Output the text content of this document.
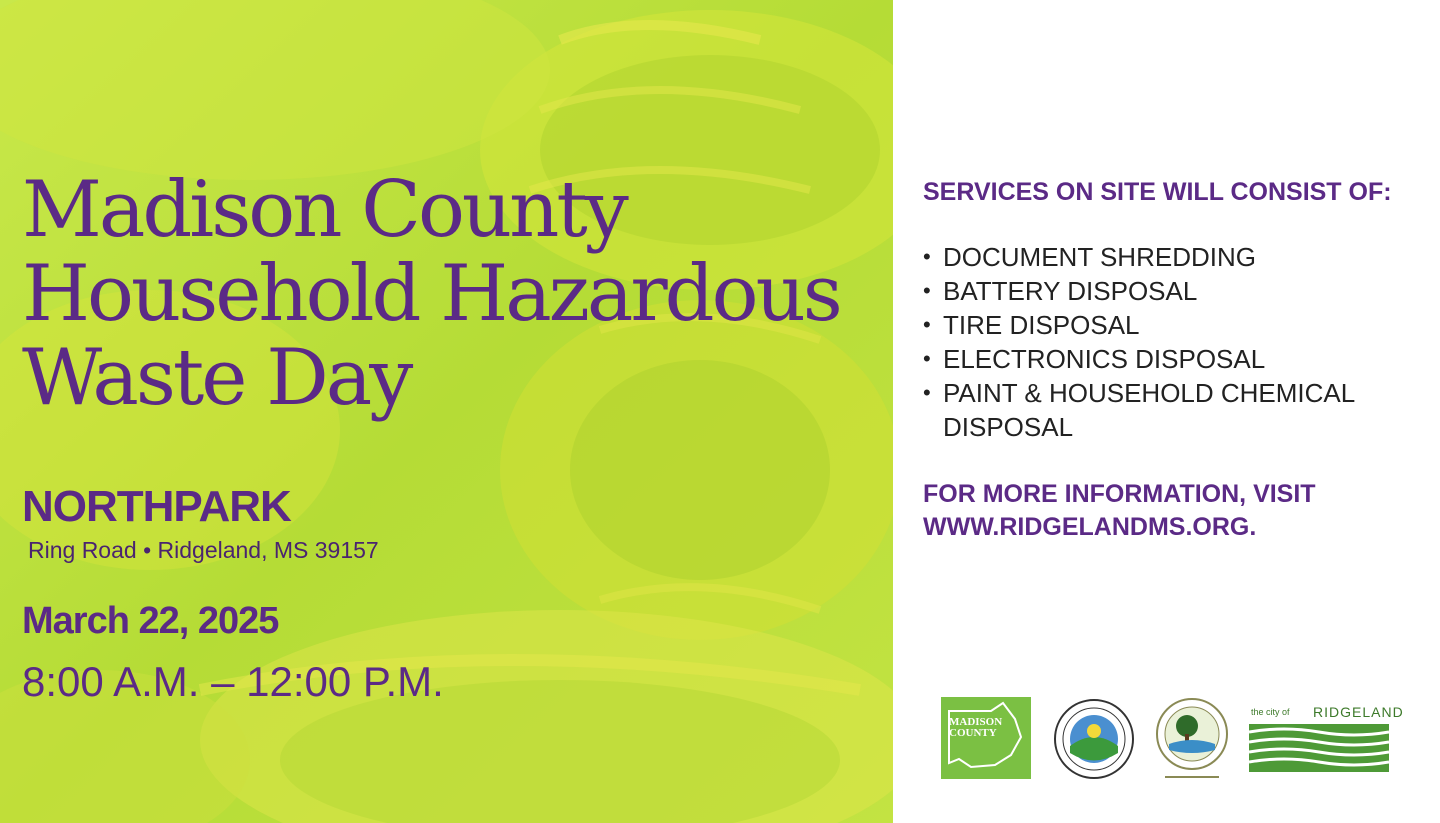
Madison County
Household Hazardous
Waste Day

NORTHPARK

Ring Road • Ridgeland, MS 39157

March 22, 2025

8:00 A.M. – 12:00 P.M.

SERVICES ON SITE WILL CONSIST OF:

• DOCUMENT SHREDDING
• BATTERY DISPOSAL
• TIRE DISPOSAL
• ELECTRONICS DISPOSAL
• PAINT & HOUSEHOLD CHEMICAL DISPOSAL

FOR MORE INFORMATION, VISIT
WWW.RIDGELANDMS.ORG.

MADISON
COUNTY
the city of RIDGELAND
